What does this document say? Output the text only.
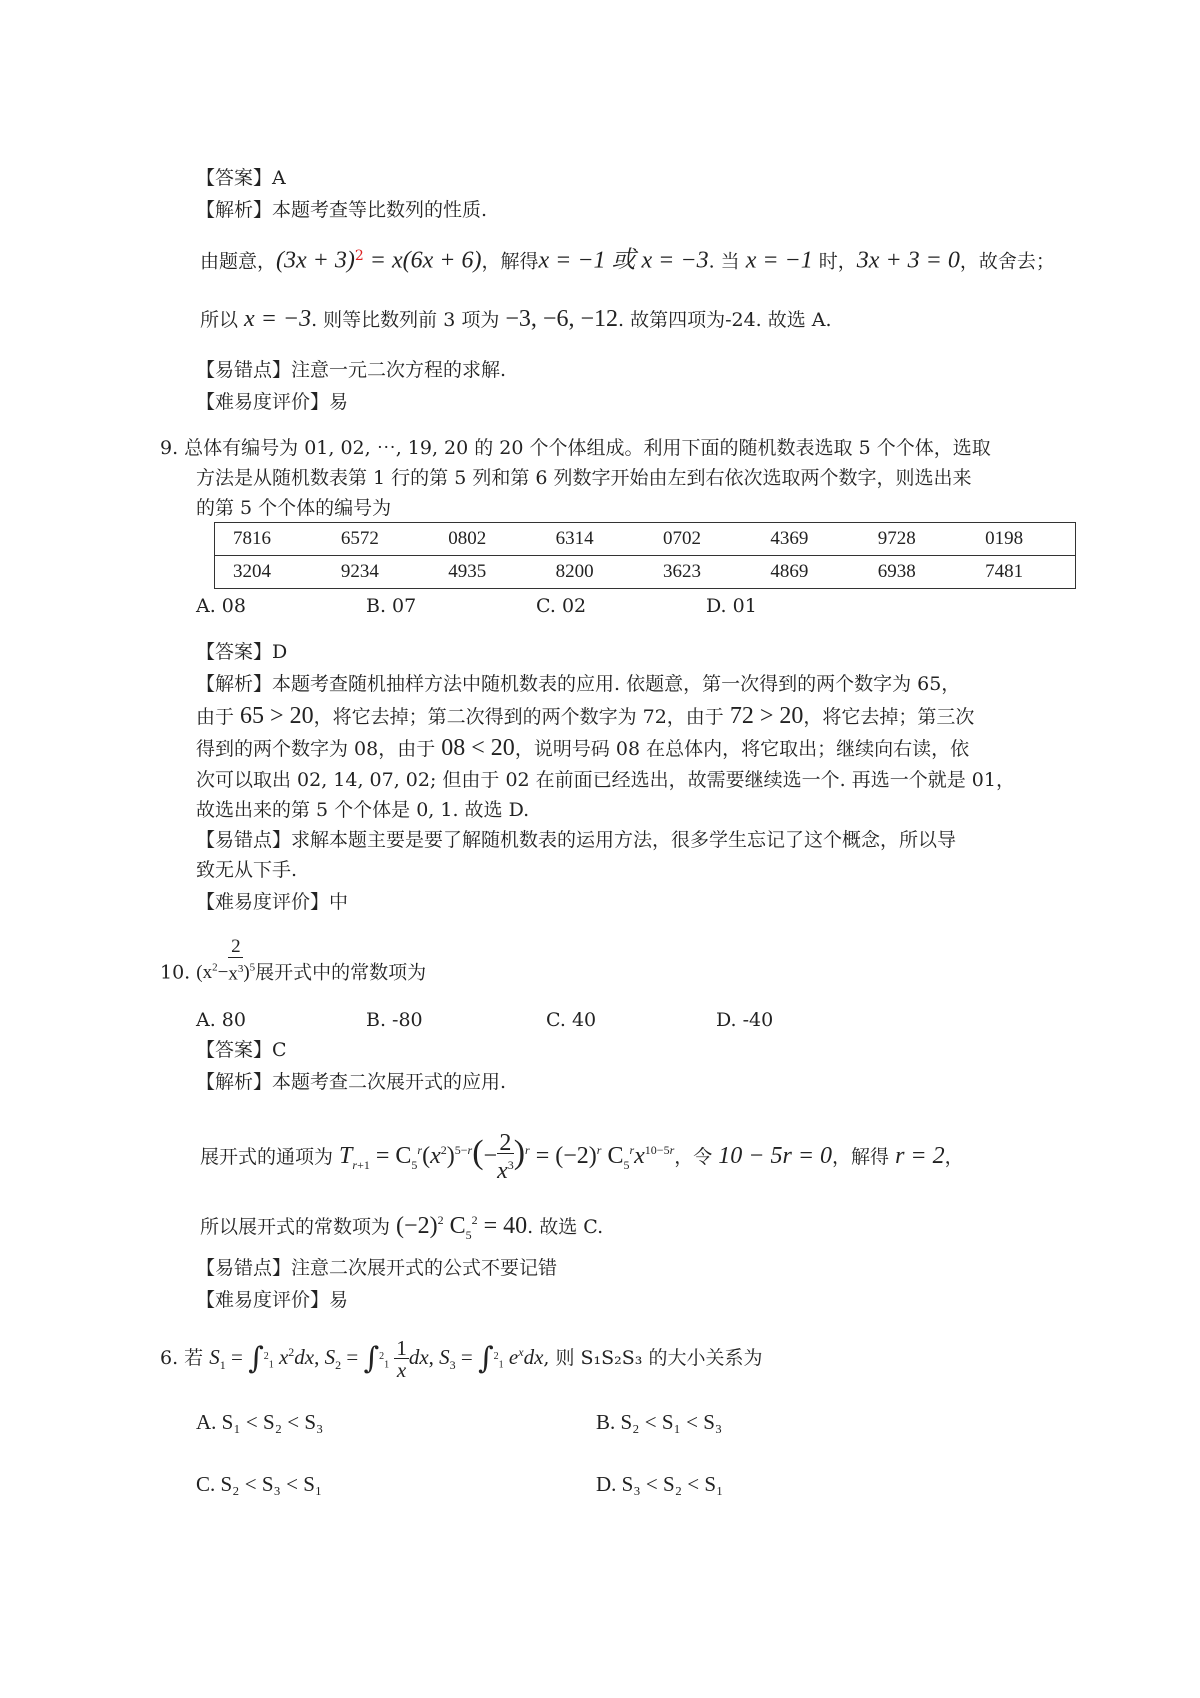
【答案】A
【解析】本题考查等比数列的性质.
由题意，$(3x + 3)^2 = x(6x + 6)$，解得x = −1 或 x = −3. 当 x = −1 时，3x + 3 = 0，故舍去；
所以 x = −3. 则等比数列前 3 项为 −3, −6, −12. 故第四项为-24. 故选 A.
【易错点】注意一元二次方程的求解.
【难易度评价】易
9. 总体有编号为 01, 02, ⋯, 19, 20 的 20 个个体组成。利用下面的随机数表选取 5 个个体，选取
方法是从随机数表第 1 行的第 5 列和第 6 列数字开始由左到右依次选取两个数字，则选出来
的第 5 个个体的编号为
7816	6572	0802	6314	0702	4369	9728	0198
3204	9234	4935	8200	3623	4869	6938	7481
A. 08	B. 07	C. 02	D. 01
【答案】D
【解析】本题考查随机抽样方法中随机数表的应用. 依题意，第一次得到的两个数字为 65，
由于 65 > 20，将它去掉；第二次得到的两个数字为 72，由于 72 > 20，将它去掉；第三次
得到的两个数字为 08，由于 08 < 20，说明号码 08 在总体内，将它取出；继续向右读，依
次可以取出 02, 14, 07, 02; 但由于 02 在前面已经选出，故需要继续选一个. 再选一个就是 01，
故选出来的第 5 个个体是 0, 1. 故选 D.
【易错点】求解本题主要是要了解随机数表的运用方法，很多学生忘记了这个概念，所以导
致无从下手.
【难易度评价】中
10. $(x^2- \frac{2}{x^3} )^5$展开式中的常数项为
A. 80	B. -80	C. 40	D. -40
【答案】C
【解析】本题考查二次展开式的应用.
展开式的通项为 $T_{r+1} = C_5^r(x^2)^{5-r}(- \frac{2}{x^3} )^r = (-2)^r$ $C_5^rx^{10-5r}$，令 10 − 5r = 0，解得 r = 2，
所以展开式的常数项为 $(-2)^2$ $C_5^2 = 40$. 故选 C.
【易错点】注意二次展开式的公式不要记错
【难易度评价】易
6. 若 $S_1 = \int^2_1$ $x^2dx$, $S_2 = \int^2_1 \frac{1}{x}$ dx, $S_3 = \int^2_1$ $e^xdx$, 则 S₁S₂S₃ 的大小关系为
A. S₁ < S₂ < S₃	B. S₂ < S₁ < S₃
C. S₂ < S₃ < S₁	D. S₃ < S₂ < S₁
